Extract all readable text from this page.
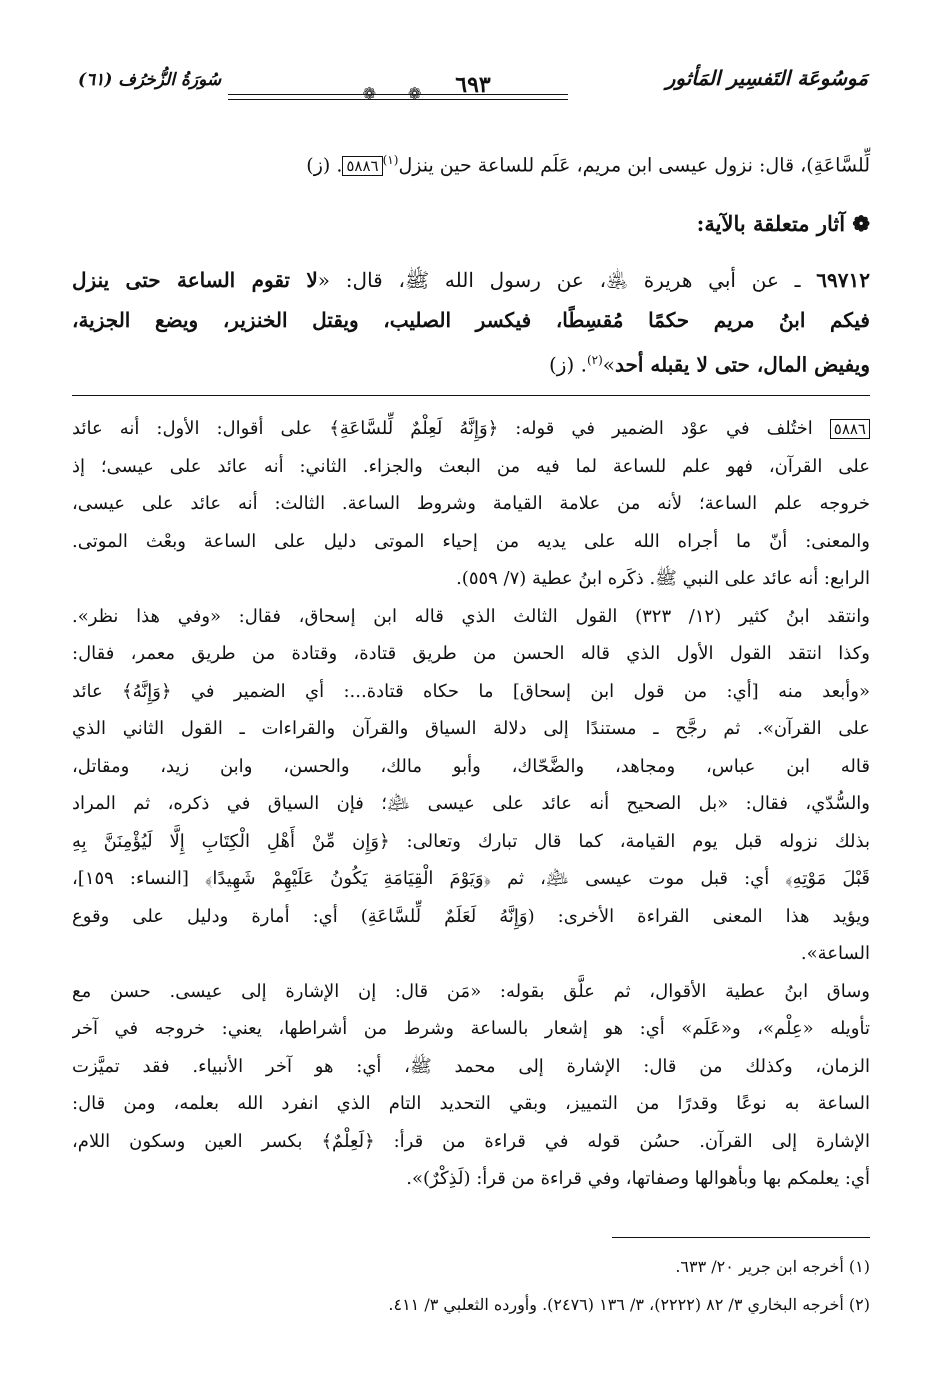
مَوسُوعَة التَفسِير المَأثور
❁	٦٩٣
❁
سُورَةُ الزُّخرُف (٦١)
لِّلسَّاعَةِ)، قال: نزول عيسى ابن مريم، عَلَم للساعة حين ينزل$^{(١)}$٥٨٨٦. (ز)
❁ آثار متعلقة بالآية:
٦٩٧١٢ ـ عن أبي هريرة ﵁، عن رسول الله ﷺ، قال: «لا تقوم الساعة حتى ينزل
فيكم ابنُ مريم حكمًا مُقسِطًا، فيكسر الصليب، ويقتل الخنزير، ويضع الجزية،
ويفيض المال، حتى لا يقبله أحد»$^{(٢)}$. (ز)
٥٨٨٦ اختُلف في عوْد الضمير في قوله: ﴿وَإِنَّهُ لَعِلْمٌ لِّلسَّاعَةِ﴾ على أقوال: الأول: أنه عائد
على القرآن، فهو علم للساعة لما فيه من البعث والجزاء. الثاني: أنه عائد على عيسى؛ إذ
خروجه علم الساعة؛ لأنه من علامة القيامة وشروط الساعة. الثالث: أنه عائد على عيسى،
والمعنى: أنّ ما أجراه الله على يديه من إحياء الموتى دليل على الساعة وبعْث الموتى.
الرابع: أنه عائد على النبي ﷺ. ذكَره ابنُ عطية (٧/ ٥٥٩).
وانتقد ابنُ كثير (١٢/ ٣٢٣) القول الثالث الذي قاله ابن إسحاق، فقال: «وفي هذا نظر».
وكذا انتقد القول الأول الذي قاله الحسن من طريق قتادة، وقتادة من طريق معمر، فقال:
«وأبعد منه [أي: من قول ابن إسحاق] ما حكاه قتادة...: أي الضمير في ﴿وَإِنَّهُ﴾ عائد
على القرآن». ثم رجَّح ـ مستندًا إلى دلالة السياق والقرآن والقراءات ـ القول الثاني الذي
قاله ابن عباس، ومجاهد، والضَّحّاك، وأبو مالك، والحسن، وابن زيد، ومقاتل،
والسُّدّي، فقال: «بل الصحيح أنه عائد على عيسى ﵇؛ فإن السياق في ذكره، ثم المراد
بذلك نزوله قبل يوم القيامة، كما قال تبارك وتعالى: ﴿وَإِن مِّنْ أَهْلِ الْكِتَابِ إِلَّا لَيُؤْمِنَنَّ بِهِ
قَبْلَ مَوْتِهِ﴾ أي: قبل موت عيسى ﵇، ثم ﴿وَيَوْمَ الْقِيَامَةِ يَكُونُ عَلَيْهِمْ شَهِيدًا﴾ [النساء: ١٥٩]،
ويؤيد هذا المعنى القراءة الأخرى: (وَإِنَّهُ لَعَلَمٌ لِّلسَّاعَةِ) أي: أمارة ودليل على وقوع
الساعة».
وساق ابنُ عطية الأقوال، ثم علَّق بقوله: «مَن قال: إن الإشارة إلى عيسى. حسن مع
تأويله «عِلْم»، و«عَلَم» أي: هو إشعار بالساعة وشرط من أشراطها، يعني: خروجه في آخر
الزمان، وكذلك من قال: الإشارة إلى محمد ﷺ، أي: هو آخر الأنبياء. فقد تميَّزت
الساعة به نوعًا وقدرًا من التمييز، وبقي التحديد التام الذي انفرد الله بعلمه، ومن قال:
الإشارة إلى القرآن. حسُن قوله في قراءة من قرأ: ﴿لَعِلْمٌ﴾ بكسر العين وسكون اللام،
أي: يعلمكم بها وبأهوالها وصفاتها، وفي قراءة من قرأ: (لَذِكْرٌ)».
(١) أخرجه ابن جرير ٢٠/ ٦٣٣.
(٢) أخرجه البخاري ٣/ ٨٢ (٢٢٢٢)، ٣/ ١٣٦ (٢٤٧٦). وأورده الثعلبي ٣/ ٤١١.
